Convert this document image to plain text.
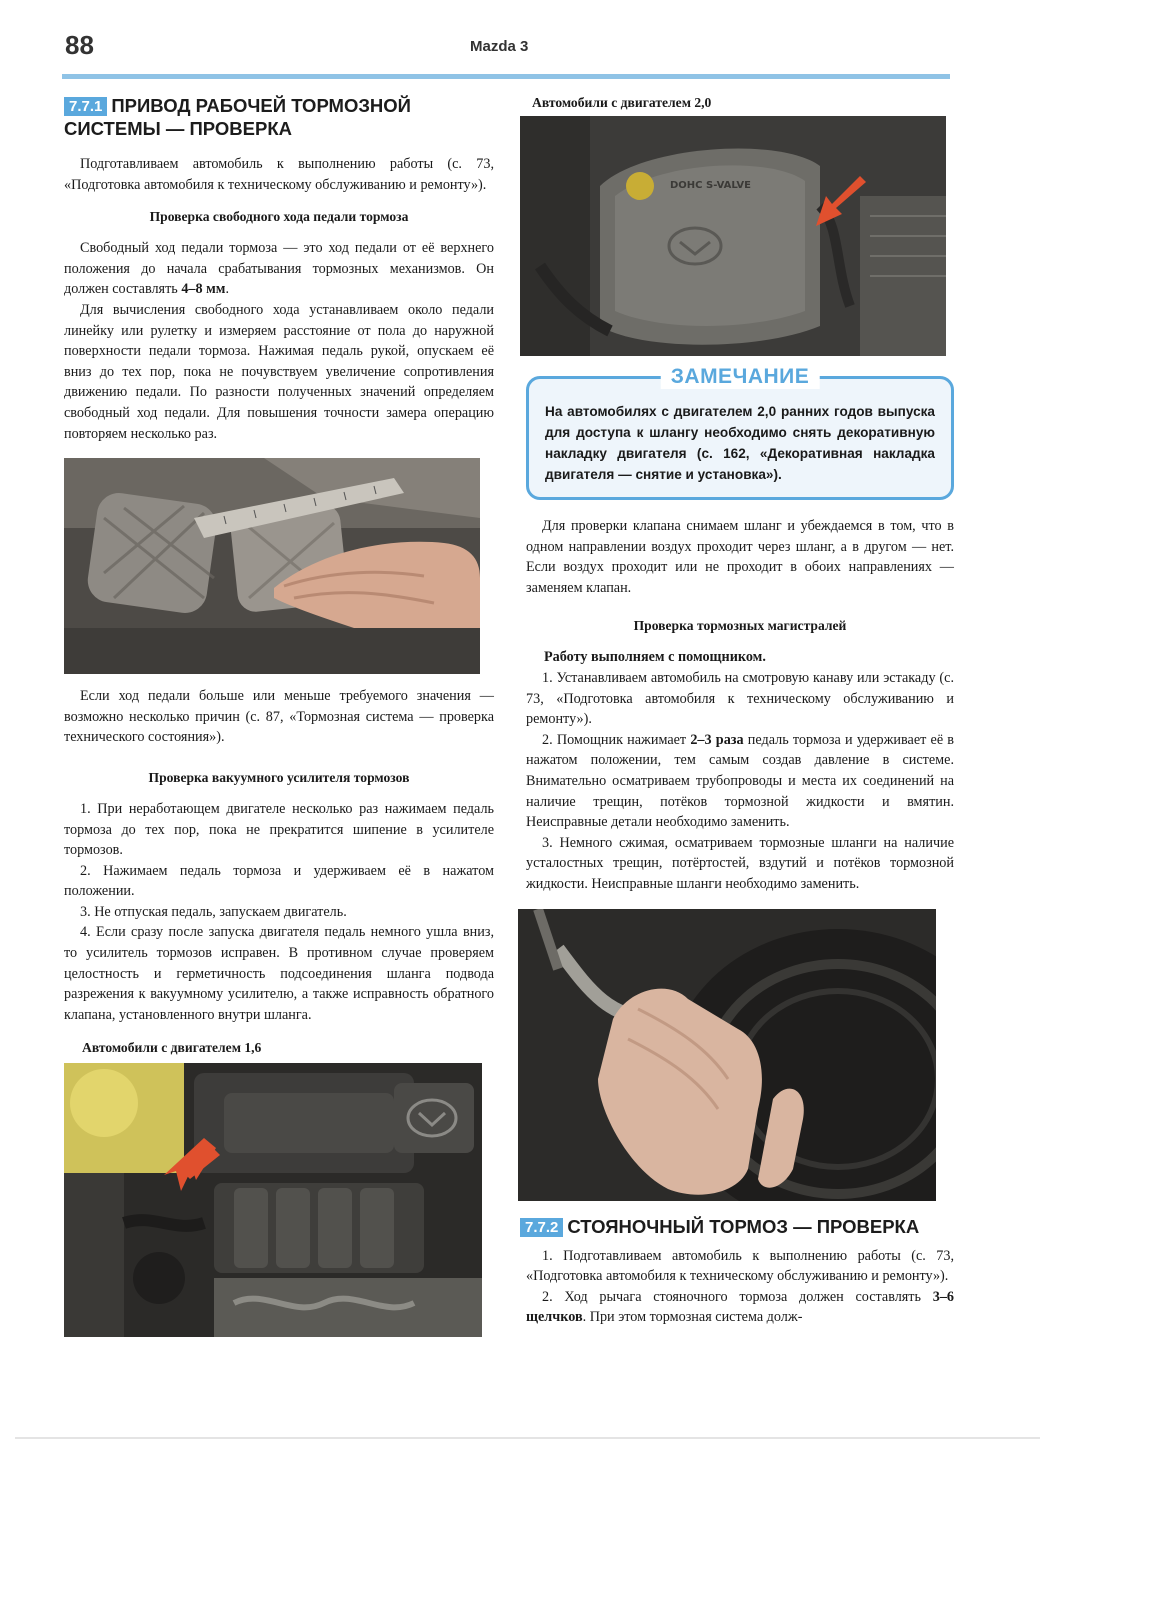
88	Mazda 3
7.7.1 ПРИВОД РАБОЧЕЙ ТОРМОЗНОЙ СИСТЕМЫ — ПРОВЕРКА

Подготавливаем автомобиль к выполнению работы (с. 73, «Подготовка автомобиля к техническому обслуживанию и ремонту»).

Проверка свободного хода педали тормоза

Свободный ход педали тормоза — это ход педали от её верхнего положения до начала срабатывания тормозных механизмов. Он должен составлять 4–8 мм.

Для вычисления свободного хода устанавливаем около педали линейку или рулетку и измеряем расстояние от пола до наружной поверхности педали тормоза. Нажимая педаль рукой, опускаем её вниз до тех пор, пока не почувствуем увеличение сопротивления движению педали. По разности полученных значений определяем свободный ход педали. Для повышения точности замера операцию повторяем несколько раз.

Если ход педали больше или меньше требуемого значения — возможно несколько причин (с. 87, «Тормозная система — проверка технического состояния»).

Проверка вакуумного усилителя тормозов

1. При неработающем двигателе несколько раз нажимаем педаль тормоза до тех пор, пока не прекратится шипение в усилителе тормозов.

2. Нажимаем педаль тормоза и удерживаем её в нажатом положении.

3. Не отпуская педаль, запускаем двигатель.

4. Если сразу после запуска двигателя педаль немного ушла вниз, то усилитель тормозов исправен. В противном случае проверяем целостность и герметичность подсоединения шланга подвода разрежения к вакуумному усилителю, а также исправность обратного клапана, установленного внутри шланга.

Автомобили с двигателем 1,6
Автомобили с двигателем 2,0
DOHC S-VALVE
ЗАМЕЧАНИЕ
На автомобилях с двигателем 2,0 ранних годов выпуска для доступа к шлангу необходимо снять декоративную накладку двигателя (с. 162, «Декоративная накладка двигателя — снятие и установка»).

Для проверки клапана снимаем шланг и убеждаемся в том, что в одном направлении воздух проходит через шланг, а в другом — нет. Если воздух проходит или не проходит в обоих направлениях — заменяем клапан.

Проверка тормозных магистралей

Работу выполняем с помощником.

1. Устанавливаем автомобиль на смотровую канаву или эстакаду (с. 73, «Подготовка автомобиля к техническому обслуживанию и ремонту»).

2. Помощник нажимает 2–3 раза педаль тормоза и удерживает её в нажатом положении, тем самым создав давление в системе. Внимательно осматриваем трубопроводы и места их соединений на наличие трещин, потёков тормозной жидкости и вмятин. Неисправные детали необходимо заменить.

3. Немного сжимая, осматриваем тормозные шланги на наличие усталостных трещин, потёртостей, вздутий и потёков тормозной жидкости. Неисправные шланги необходимо заменить.

7.7.2 СТОЯНОЧНЫЙ ТОРМОЗ — ПРОВЕРКА

1. Подготавливаем автомобиль к выполнению работы (с. 73, «Подготовка автомобиля к техническому обслуживанию и ремонту»).

2. Ход рычага стояночного тормоза должен составлять 3–6 щелчков. При этом тормозная система долж-
